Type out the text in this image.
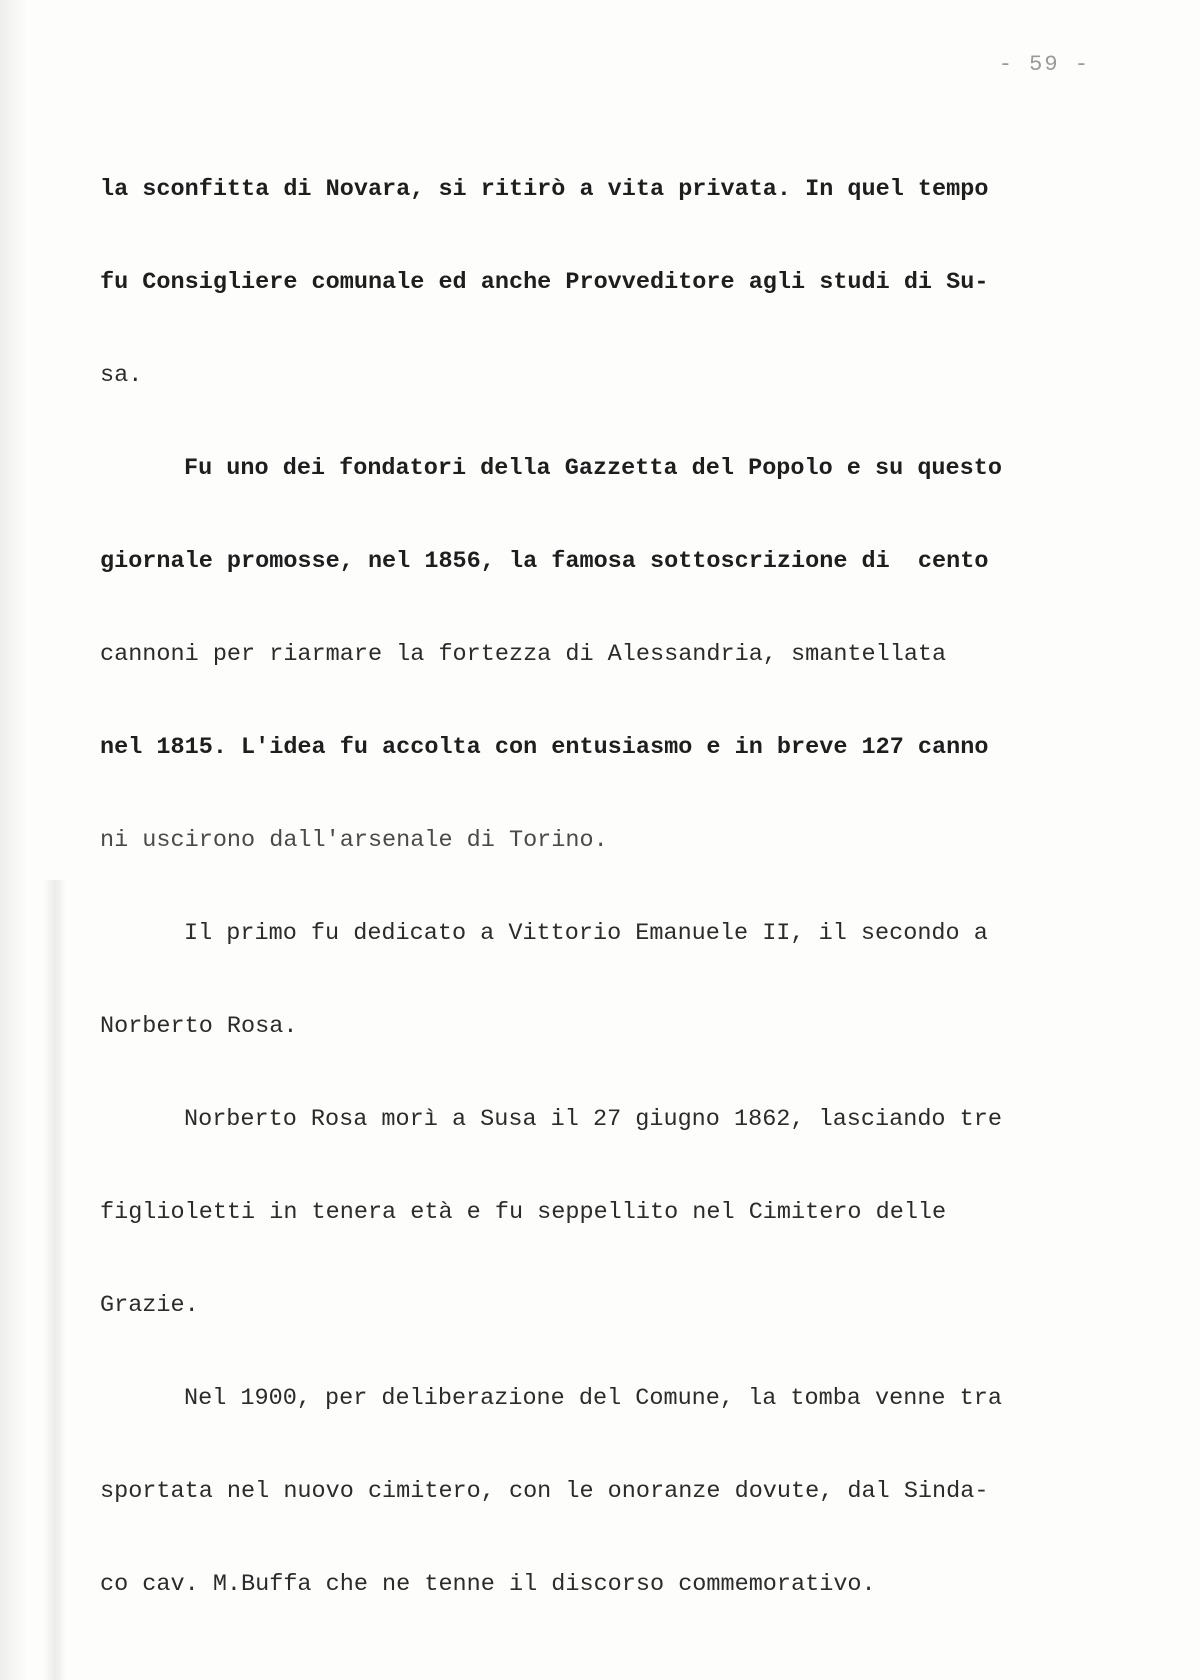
- 59 -

la sconfitta di Novara, si ritirò a vita privata. In quel tempo

fu Consigliere comunale ed anche Provveditore agli studi di Su-

sa.

Fu uno dei fondatori della Gazzetta del Popolo e su questo

giornale promosse, nel 1856, la famosa sottoscrizione di  cento

cannoni per riarmare la fortezza di Alessandria, smantellata

nel 1815. L'idea fu accolta con entusiasmo e in breve 127 canno

ni uscirono dall'arsenale di Torino.

Il primo fu dedicato a Vittorio Emanuele II, il secondo a

Norberto Rosa.

Norberto Rosa morì a Susa il 27 giugno 1862, lasciando tre

figlioletti in tenera età e fu seppellito nel Cimitero delle

Grazie.

Nel 1900, per deliberazione del Comune, la tomba venne tra

sportata nel nuovo cimitero, con le onoranze dovute, dal Sinda-

co cav. M.Buffa che ne tenne il discorso commemorativo.
